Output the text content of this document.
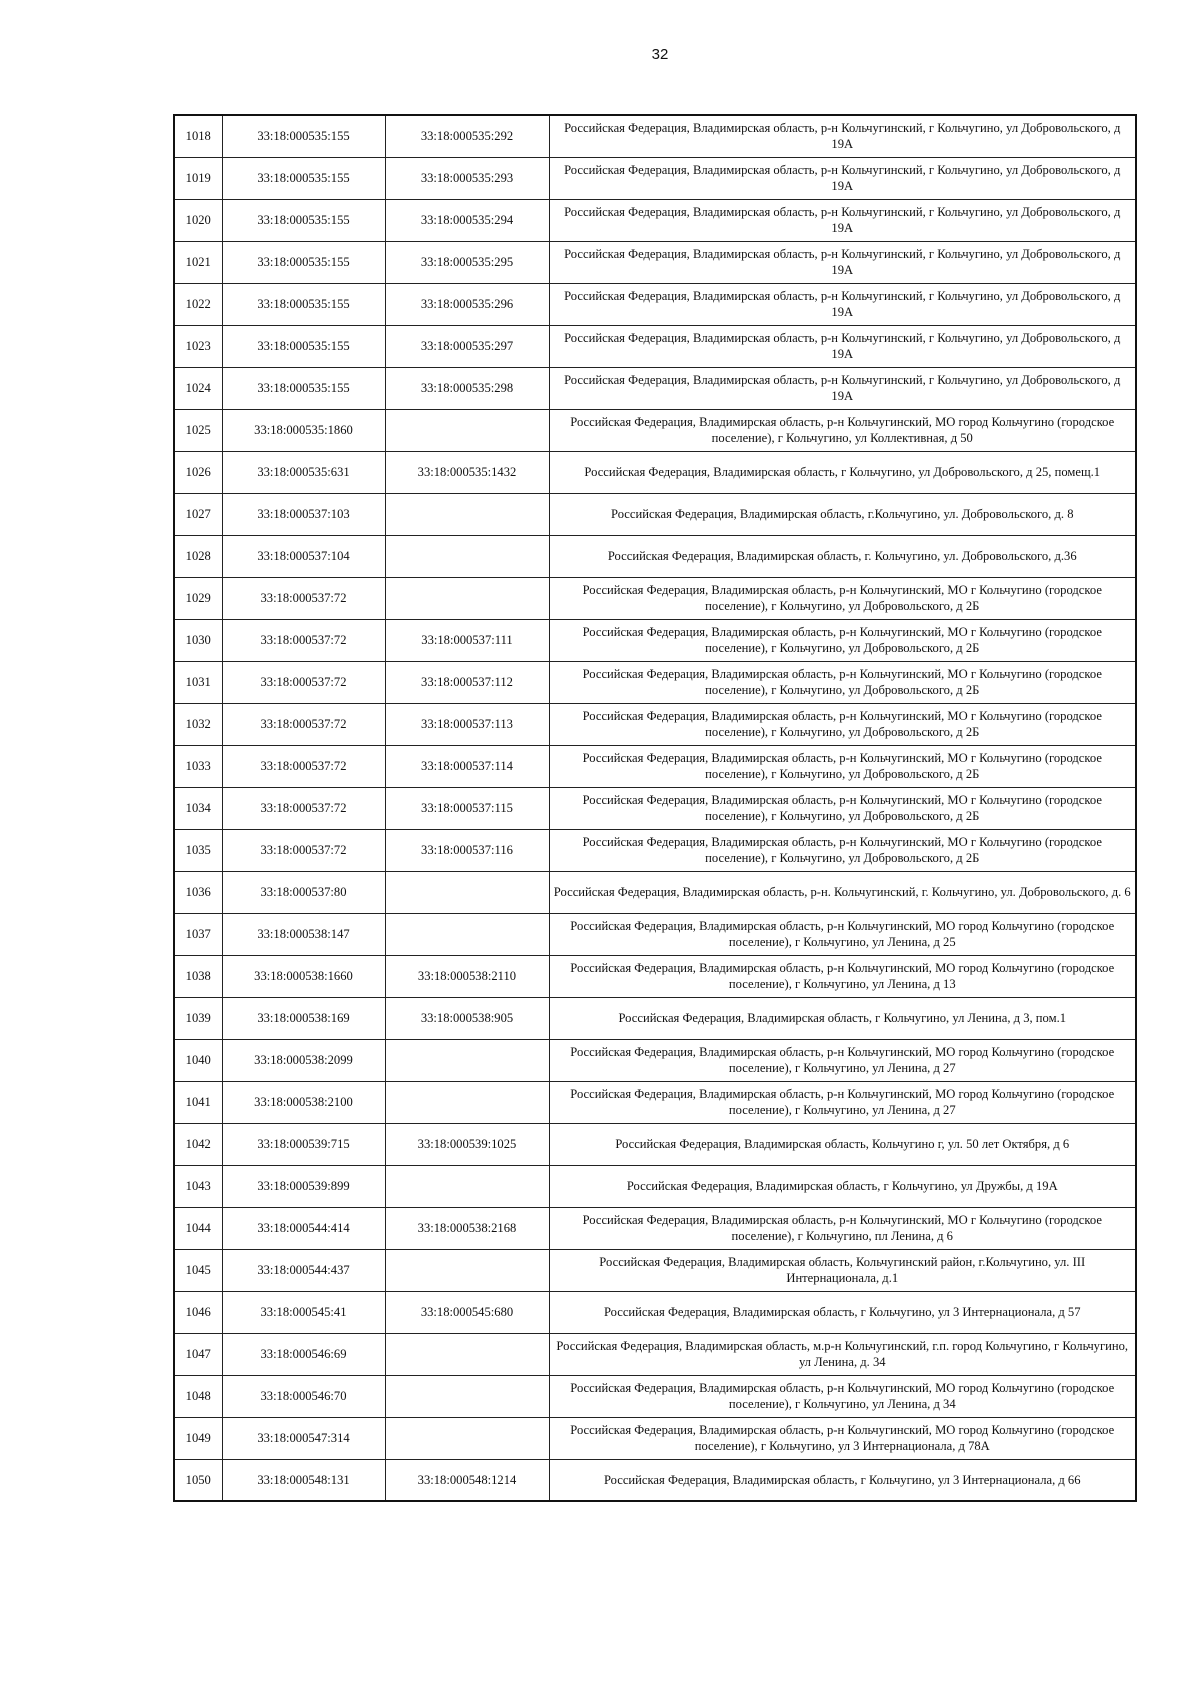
32
1018	33:18:000535:155	33:18:000535:292	Российская Федерация, Владимирская область, р-н Кольчугинский, г Кольчугино, ул Добровольского, д 19А
1019	33:18:000535:155	33:18:000535:293	Российская Федерация, Владимирская область, р-н Кольчугинский, г Кольчугино, ул Добровольского, д 19А
1020	33:18:000535:155	33:18:000535:294	Российская Федерация, Владимирская область, р-н Кольчугинский, г Кольчугино, ул Добровольского, д 19А
1021	33:18:000535:155	33:18:000535:295	Российская Федерация, Владимирская область, р-н Кольчугинский, г Кольчугино, ул Добровольского, д 19А
1022	33:18:000535:155	33:18:000535:296	Российская Федерация, Владимирская область, р-н Кольчугинский, г Кольчугино, ул Добровольского, д 19А
1023	33:18:000535:155	33:18:000535:297	Российская Федерация, Владимирская область, р-н Кольчугинский, г Кольчугино, ул Добровольского, д 19А
1024	33:18:000535:155	33:18:000535:298	Российская Федерация, Владимирская область, р-н Кольчугинский, г Кольчугино, ул Добровольского, д 19А
1025	33:18:000535:1860		Российская Федерация, Владимирская область, р-н Кольчугинский, МО город Кольчугино (городское поселение), г Кольчугино, ул Коллективная, д 50
1026	33:18:000535:631	33:18:000535:1432	Российская Федерация, Владимирская область, г Кольчугино, ул Добровольского, д 25, помещ.1
1027	33:18:000537:103		Российская Федерация, Владимирская область, г.Кольчугино, ул. Добровольского, д. 8
1028	33:18:000537:104		Российская Федерация, Владимирская область, г. Кольчугино, ул. Добровольского, д.36
1029	33:18:000537:72		Российская Федерация, Владимирская область, р-н Кольчугинский, МО г Кольчугино (городское поселение), г Кольчугино, ул Добровольского, д 2Б
1030	33:18:000537:72	33:18:000537:111	Российская Федерация, Владимирская область, р-н Кольчугинский, МО г Кольчугино (городское поселение), г Кольчугино, ул Добровольского, д 2Б
1031	33:18:000537:72	33:18:000537:112	Российская Федерация, Владимирская область, р-н Кольчугинский, МО г Кольчугино (городское поселение), г Кольчугино, ул Добровольского, д 2Б
1032	33:18:000537:72	33:18:000537:113	Российская Федерация, Владимирская область, р-н Кольчугинский, МО г Кольчугино (городское поселение), г Кольчугино, ул Добровольского, д 2Б
1033	33:18:000537:72	33:18:000537:114	Российская Федерация, Владимирская область, р-н Кольчугинский, МО г Кольчугино (городское поселение), г Кольчугино, ул Добровольского, д 2Б
1034	33:18:000537:72	33:18:000537:115	Российская Федерация, Владимирская область, р-н Кольчугинский, МО г Кольчугино (городское поселение), г Кольчугино, ул Добровольского, д 2Б
1035	33:18:000537:72	33:18:000537:116	Российская Федерация, Владимирская область, р-н Кольчугинский, МО г Кольчугино (городское поселение), г Кольчугино, ул Добровольского, д 2Б
1036	33:18:000537:80		Российская Федерация, Владимирская область, р-н. Кольчугинский, г. Кольчугино, ул. Добровольского, д. 6
1037	33:18:000538:147		Российская Федерация, Владимирская область, р-н Кольчугинский, МО город Кольчугино (городское поселение), г Кольчугино, ул Ленина, д 25
1038	33:18:000538:1660	33:18:000538:2110	Российская Федерация, Владимирская область, р-н Кольчугинский, МО город Кольчугино (городское поселение), г Кольчугино, ул Ленина, д 13
1039	33:18:000538:169	33:18:000538:905	Российская Федерация, Владимирская область, г Кольчугино, ул Ленина, д 3, пом.1
1040	33:18:000538:2099		Российская Федерация, Владимирская область, р-н Кольчугинский, МО город Кольчугино (городское поселение), г Кольчугино, ул Ленина, д 27
1041	33:18:000538:2100		Российская Федерация, Владимирская область, р-н Кольчугинский, МО город Кольчугино (городское поселение), г Кольчугино, ул Ленина, д 27
1042	33:18:000539:715	33:18:000539:1025	Российская Федерация, Владимирская область, Кольчугино г, ул. 50 лет Октября, д 6
1043	33:18:000539:899		Российская Федерация, Владимирская область, г Кольчугино, ул Дружбы, д 19А
1044	33:18:000544:414	33:18:000538:2168	Российская Федерация, Владимирская область, р-н Кольчугинский, МО г Кольчугино (городское поселение), г Кольчугино, пл Ленина, д 6
1045	33:18:000544:437		Российская Федерация, Владимирская область, Кольчугинский район, г.Кольчугино, ул. III Интернационала, д.1
1046	33:18:000545:41	33:18:000545:680	Российская Федерация, Владимирская область, г Кольчугино, ул 3 Интернационала, д 57
1047	33:18:000546:69		Российская Федерация, Владимирская область, м.р-н Кольчугинский, г.п. город Кольчугино, г Кольчугино, ул Ленина, д. 34
1048	33:18:000546:70		Российская Федерация, Владимирская область, р-н Кольчугинский, МО город Кольчугино (городское поселение), г Кольчугино, ул Ленина, д 34
1049	33:18:000547:314		Российская Федерация, Владимирская область, р-н Кольчугинский, МО город Кольчугино (городское поселение), г Кольчугино, ул 3 Интернационала, д 78А
1050	33:18:000548:131	33:18:000548:1214	Российская Федерация, Владимирская область, г Кольчугино, ул 3 Интернационала, д 66
